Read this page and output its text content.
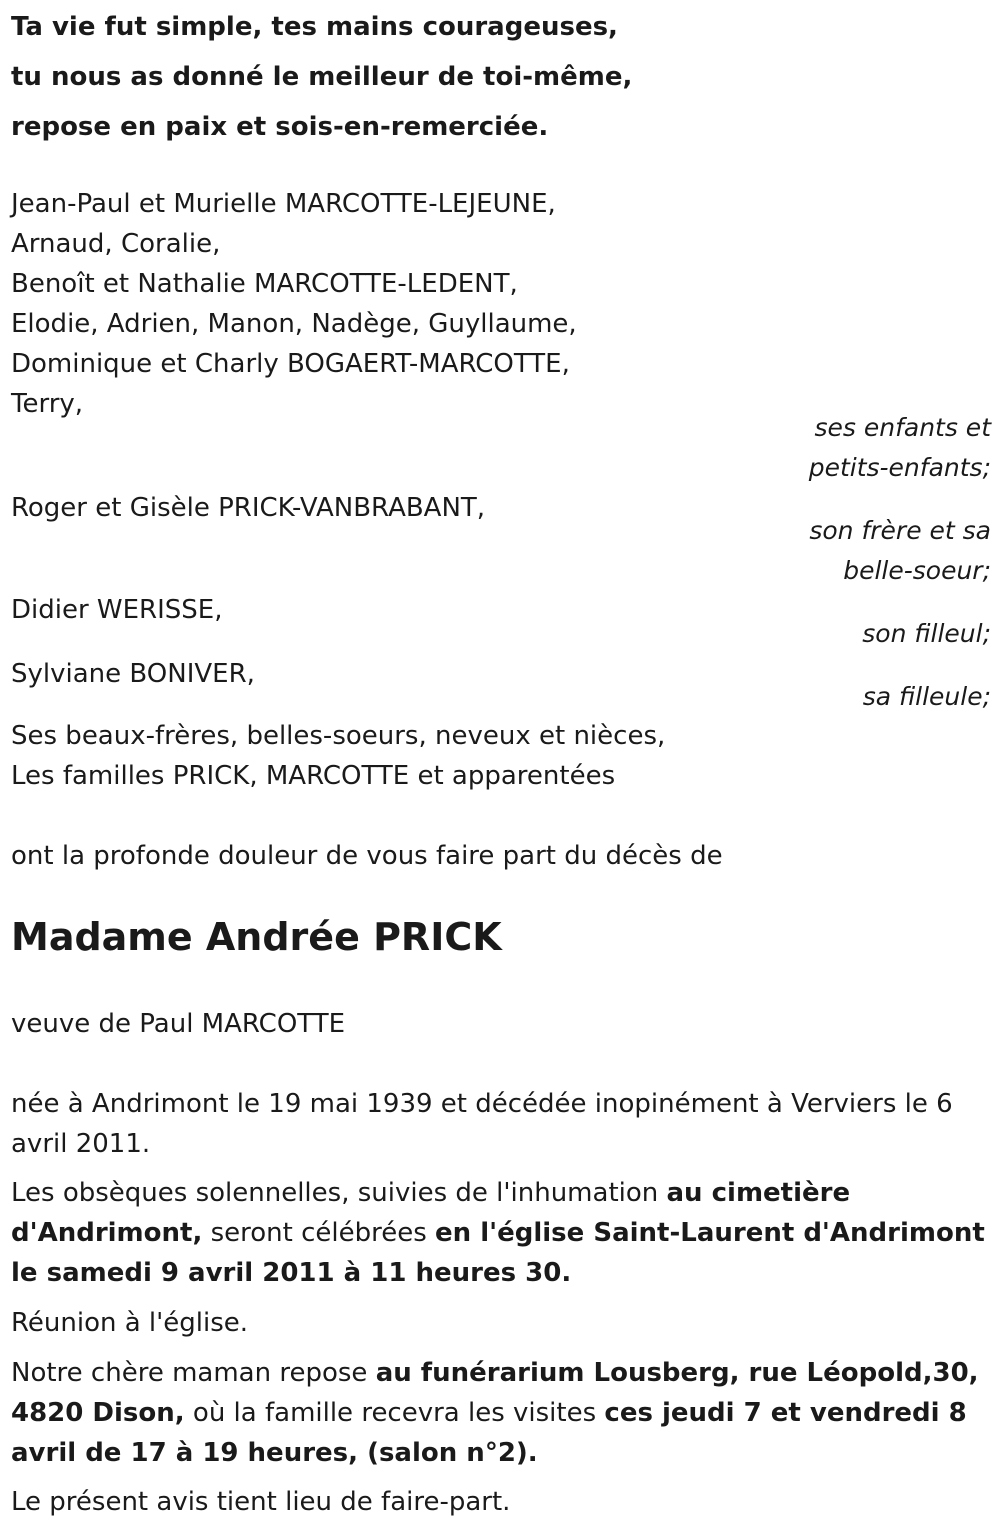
Ta vie fut simple, tes mains courageuses,
tu nous as donné le meilleur de toi-même,
repose en paix et sois-en-remerciée.
Jean-Paul et Murielle MARCOTTE-LEJEUNE,
Arnaud, Coralie,
Benoît et Nathalie MARCOTTE-LEDENT,
Elodie, Adrien, Manon, Nadège, Guyllaume,
Dominique et Charly BOGAERT-MARCOTTE,
Terry,
ses enfants et
petits-enfants;
Roger et Gisèle PRICK-VANBRABANT,
son frère et sa
belle-soeur;
Didier WERISSE,
son filleul;
Sylviane BONIVER,
sa filleule;
Ses beaux-frères, belles-soeurs, neveux et nièces,
Les familles PRICK, MARCOTTE et apparentées
ont la profonde douleur de vous faire part du décès de
Madame Andrée PRICK
veuve de Paul MARCOTTE
née à Andrimont le 19 mai 1939 et décédée inopinément à Verviers le 6 avril 2011.
Les obsèques solennelles, suivies de l'inhumation au cimetière d'Andrimont, seront célébrées en l'église Saint-Laurent d'Andrimont le samedi 9 avril 2011 à 11 heures 30.
Réunion à l'église.
Notre chère maman repose au funérarium Lousberg, rue Léopold,30, 4820 Dison, où la famille recevra les visites ces jeudi 7 et vendredi 8 avril de 17 à 19 heures, (salon n°2).
Le présent avis tient lieu de faire-part.
